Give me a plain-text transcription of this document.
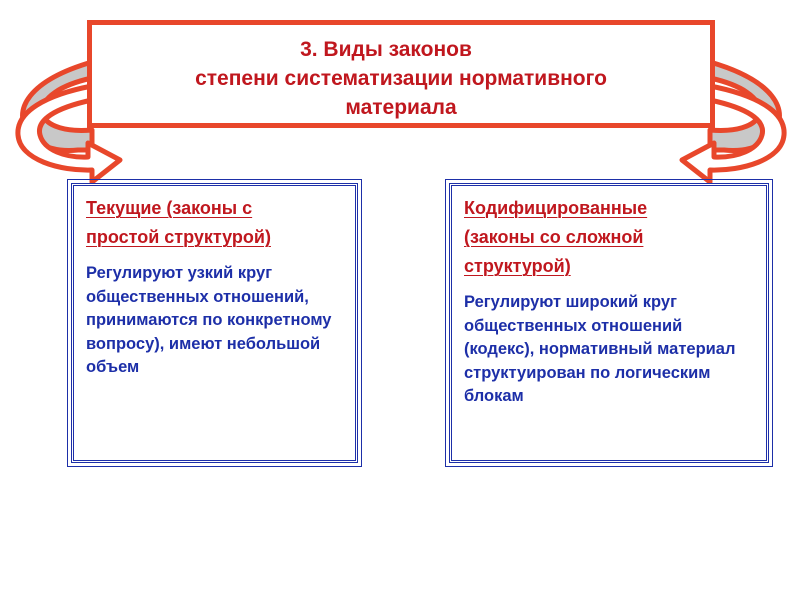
3. Виды законов
степени систематизации нормативного
материала
Текущие (законы с
простой структурой)

Регулируют узкий круг общественных отношений, принимаются по конкретному вопросу), имеют небольшой объем

Кодифицированные
(законы со сложной
структурой)

Регулируют широкий круг общественных отношений (кодекс), нормативный материал структуирован по логическим блокам
